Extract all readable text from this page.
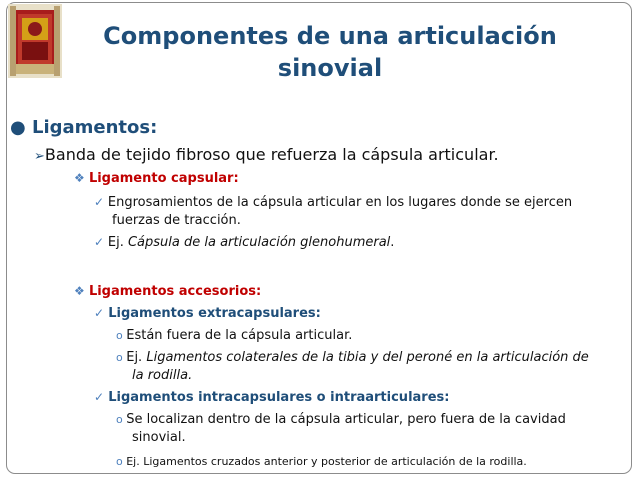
Componentes de una articulación
sinovial
● Ligamentos:
➢Banda de tejido fibroso que refuerza la cápsula articular.
❖ Ligamento capsular:
✓ Engrosamientos de la cápsula articular en los lugares donde se ejercen
fuerzas de tracción.
✓ Ej. Cápsula de la articulación glenohumeral.
❖ Ligamentos accesorios:
✓ Ligamentos extracapsulares:
o Están fuera de la cápsula articular.
o Ej. Ligamentos colaterales de la tibia y del peroné en la articulación de
la rodilla.
✓ Ligamentos intracapsulares o intraarticulares:
o Se localizan dentro de la cápsula articular, pero fuera de la cavidad
sinovial.
o Ej. Ligamentos cruzados anterior y posterior de articulación de la rodilla.
